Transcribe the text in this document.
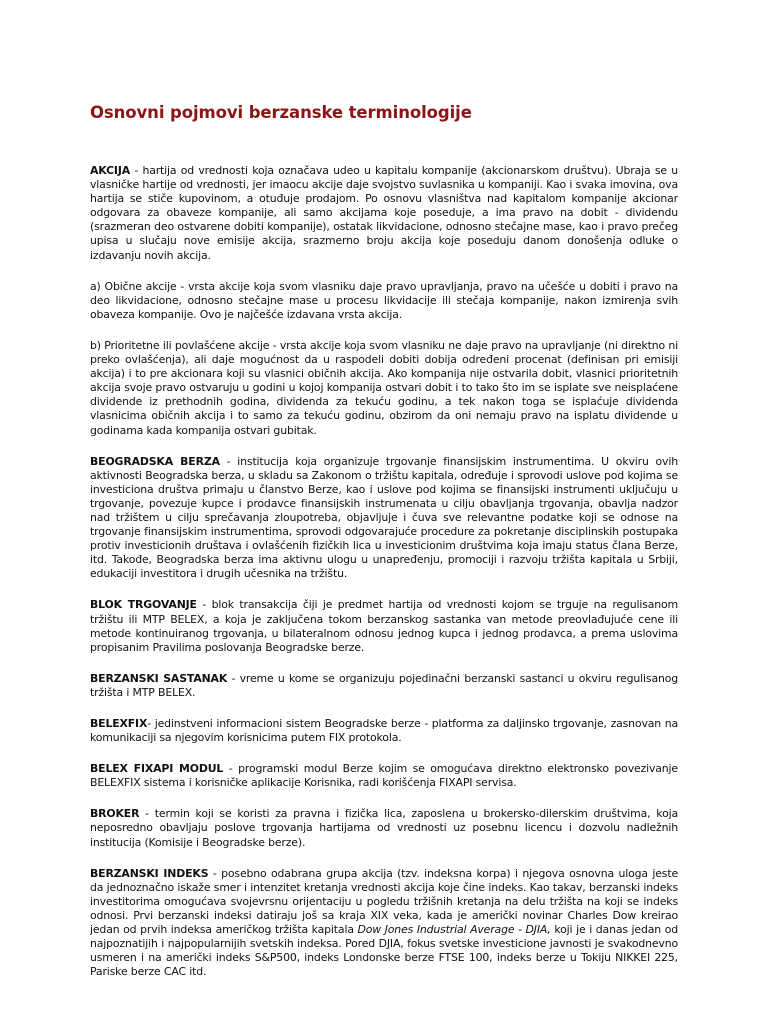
Osnovni pojmovi berzanske terminologije

AKCIJA - hartija od vrednosti koja označava udeo u kapitalu kompanije (akcionarskom društvu). Ubraja se u vlasničke hartije od vrednosti, jer imaocu akcije daje svojstvo suvlasnika u kompaniji. Kao i svaka imovina, ova hartija se stiče kupovinom, a otuđuje prodajom. Po osnovu vlasništva nad kapitalom kompanije akcionar odgovara za obaveze kompanije, ali samo akcijama koje poseduje, a ima pravo na dobit - dividendu (srazmeran deo ostvarene dobiti kompanije), ostatak likvidacione, odnosno stečajne mase, kao i pravo prečeg upisa u slučaju nove emisije akcija, srazmerno broju akcija koje poseduju danom donošenja odluke o izdavanju novih akcija.

a) Obične akcije - vrsta akcije koja svom vlasniku daje pravo upravljanja, pravo na učešće u dobiti i pravo na deo likvidacione, odnosno stečajne mase u procesu likvidacije ili stečaja kompanije, nakon izmirenja svih obaveza kompanije. Ovo je najčešće izdavana vrsta akcija.

b) Prioritetne ili povlašćene akcije - vrsta akcije koja svom vlasniku ne daje pravo na upravljanje (ni direktno ni preko ovlašćenja), ali daje mogućnost da u raspodeli dobiti dobija određeni procenat (definisan pri emisiji akcija) i to pre akcionara koji su vlasnici običnih akcija. Ako kompanija nije ostvarila dobit, vlasnici prioritetnih akcija svoje pravo ostvaruju u godini u kojoj kompanija ostvari dobit i to tako što im se isplate sve neisplaćene dividende iz prethodnih godina, dividenda za tekuću godinu, a tek nakon toga se isplaćuje dividenda vlasnicima običnih akcija i to samo za tekuću godinu, obzirom da oni nemaju pravo na isplatu dividende u godinama kada kompanija ostvari gubitak.

BEOGRADSKA BERZA - institucija koja organizuje trgovanje finansijskim instrumentima. U okviru ovih aktivnosti Beogradska berza, u skladu sa Zakonom o tržištu kapitala, određuje i sprovodi uslove pod kojima se investiciona društva primaju u članstvo Berze, kao i uslove pod kojima se finansijski instrumenti uključuju u trgovanje, povezuje kupce i prodavce finansijskih instrumenata u cilju obavljanja trgovanja, obavlja nadzor nad tržištem u cilju sprečavanja zloupotreba, objavljuje i čuva sve relevantne podatke koji se odnose na trgovanje finansijskim instrumentima, sprovodi odgovarajuće procedure za pokretanje disciplinskih postupaka protiv investicionih društava i ovlašćenih fizičkih lica u investicionim društvima koja imaju status člana Berze, itd. Takođe, Beogradska berza ima aktivnu ulogu u unapređenju, promociji i razvoju tržišta kapitala u Srbiji, edukaciji investitora i drugih učesnika na tržištu.

BLOK TRGOVANJE - blok transakcija čiji je predmet hartija od vrednosti kojom se trguje na regulisanom tržištu ili MTP BELEX, a koja je zaključena tokom berzanskog sastanka van metode preovlađujuće cene ili metode kontinuiranog trgovanja, u bilateralnom odnosu jednog kupca i jednog prodavca, a prema uslovima propisanim Pravilima poslovanja Beogradske berze.

BERZANSKI SASTANAK - vreme u kome se organizuju pojedinačni berzanski sastanci u okviru regulisanog tržišta i MTP BELEX.

BELEXFIX- jedinstveni informacioni sistem Beogradske berze - platforma za daljinsko trgovanje, zasnovan na komunikaciji sa njegovim korisnicima putem FIX protokola.

BELEX FIXAPI MODUL - programski modul Berze kojim se omogućava direktno elektronsko povezivanje BELEXFIX sistema i korisničke aplikacije Korisnika, radi korišćenja FIXAPI servisa.

BROKER - termin koji se koristi za pravna i fizička lica, zaposlena u brokersko-dilerskim društvima, koja neposredno obavljaju poslove trgovanja hartijama od vrednosti uz posebnu licencu i dozvolu nadležnih institucija (Komisije i Beogradske berze).

BERZANSKI INDEKS - posebno odabrana grupa akcija (tzv. indeksna korpa) i njegova osnovna uloga jeste da jednoznačno iskaže smer i intenzitet kretanja vrednosti akcija koje čine indeks. Kao takav, berzanski indeks investitorima omogućava svojevrsnu orijentaciju u pogledu tržišnih kretanja na delu tržišta na koji se indeks odnosi. Prvi berzanski indeksi datiraju još sa kraja XIX veka, kada je američki novinar Charles Dow kreirao jedan od prvih indeksa američkog tržišta kapitala Dow Jones Industrial Average - DJIA, koji je i danas jedan od najpoznatijih i najpopularnijih svetskih indeksa. Pored DJIA, fokus svetske investicione javnosti je svakodnevno usmeren i na američki indeks S&P500, indeks Londonske berze FTSE 100, indeks berze u Tokiju NIKKEI 225, Pariske berze CAC itd.
